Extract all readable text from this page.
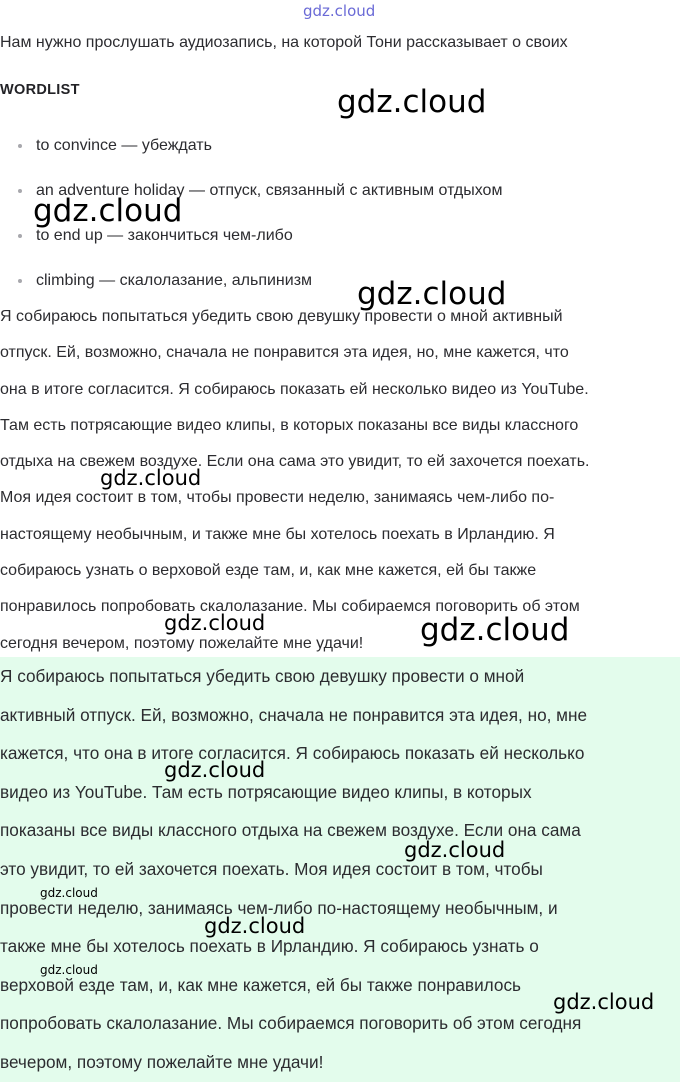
gdz.cloud
Нам нужно прослушать аудиозапись, на которой Тони рассказывает о своих
WORDLIST
to convince — убеждать
an adventure holiday — отпуск, связанный с активным отдыхом
to end up — закончиться чем-либо
climbing — скалолазание, альпинизм

Я собираюсь попытаться убедить свою девушку провести о мной активный
отпуск. Ей, возможно, сначала не понравится эта идея, но, мне кажется, что
она в итоге согласится. Я собираюсь показать ей несколько видео из YouTube.
Там есть потрясающие видео клипы, в которых показаны все виды классного
отдыха на свежем воздухе. Если она сама это увидит, то ей захочется поехать.
Моя идея состоит в том, чтобы провести неделю, занимаясь чем-либо по-
настоящему необычным, и также мне бы хотелось поехать в Ирландию. Я
собираюсь узнать о верховой езде там, и, как мне кажется, ей бы также
понравилось попробовать скалолазание. Мы собираемся поговорить об этом
сегодня вечером, поэтому пожелайте мне удачи!

Я собираюсь попытаться убедить свою девушку провести о мной
активный отпуск. Ей, возможно, сначала не понравится эта идея, но, мне
кажется, что она в итоге согласится. Я собираюсь показать ей несколько
видео из YouTube. Там есть потрясающие видео клипы, в которых
показаны все виды классного отдыха на свежем воздухе. Если она сама
это увидит, то ей захочется поехать. Моя идея состоит в том, чтобы
провести неделю, занимаясь чем-либо по-настоящему необычным, и
также мне бы хотелось поехать в Ирландию. Я собираюсь узнать о
верховой езде там, и, как мне кажется, ей бы также понравилось
попробовать скалолазание. Мы собираемся поговорить об этом сегодня
вечером, поэтому пожелайте мне удачи!

gdz.cloud
gdz.cloud
gdz.cloud
gdz.cloud
gdz.cloud	gdz.cloud
gdz.cloud
gdz.cloud
gdz.cloud
gdz.cloud
gdz.cloud
gdz.cloud
